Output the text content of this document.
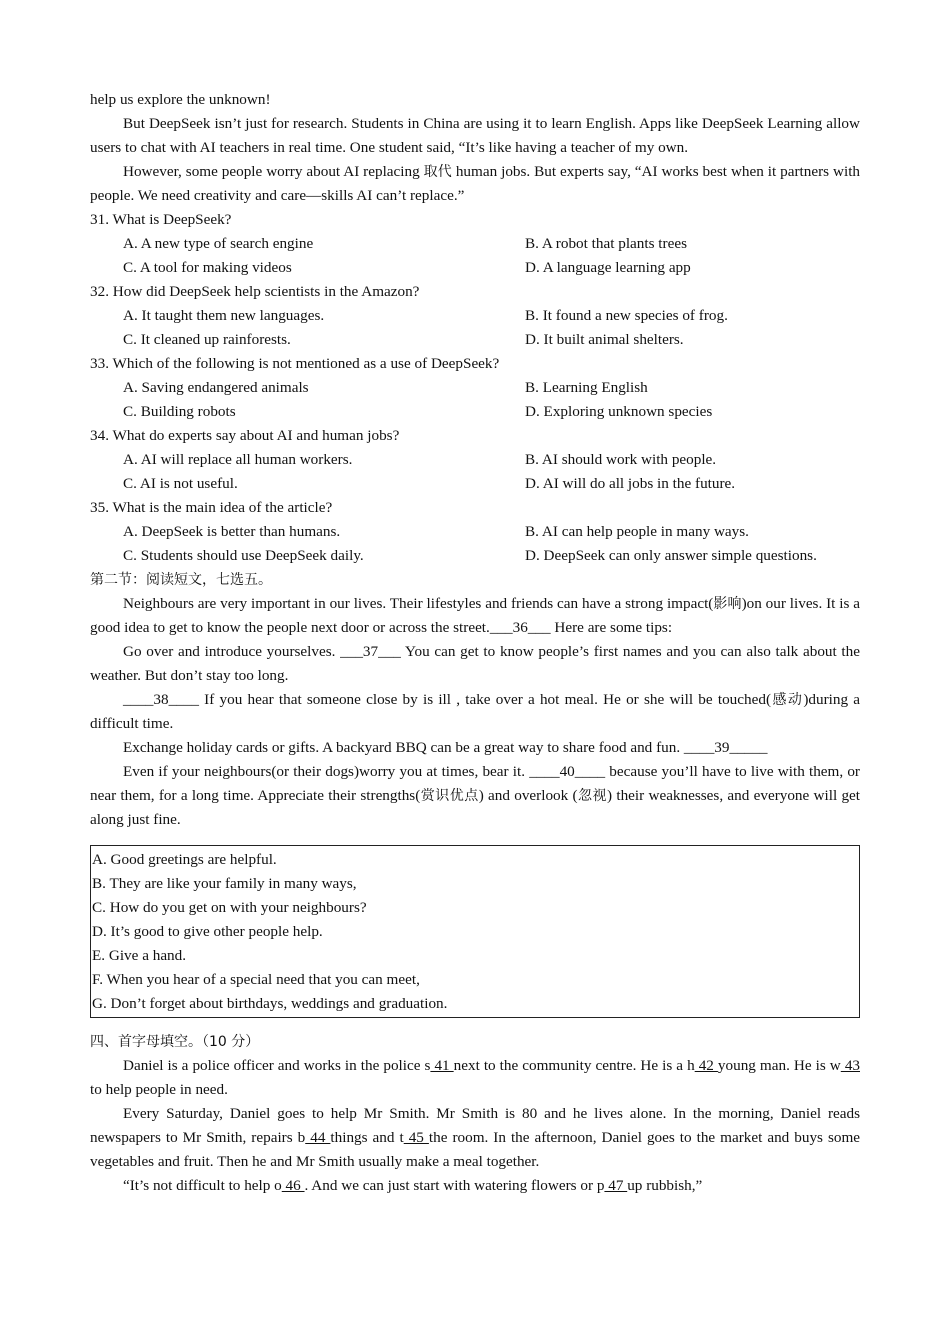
help us explore the unknown!

But DeepSeek isn’t just for research. Students in China are using it to learn English. Apps like DeepSeek Learning allow users to chat with AI teachers in real time. One student said, “It’s like having a teacher of my own.

However, some people worry about AI replacing 取代 human jobs. But experts say, “AI works best when it partners with people. We need creativity and care—skills AI can’t replace.”

31. What is DeepSeek?
A. A new type of search engine	B. A robot that plants trees
C. A tool for making videos	D. A language learning app
32. How did DeepSeek help scientists in the Amazon?
A. It taught them new languages.	B. It found a new species of frog.
C. It cleaned up rainforests.	D. It built animal shelters.
33. Which of the following is not mentioned as a use of DeepSeek?
A. Saving endangered animals	B. Learning English
C. Building robots	D. Exploring unknown species
34. What do experts say about AI and human jobs?
A. AI will replace all human workers.	B. AI should work with people.
C. AI is not useful.	D. AI will do all jobs in the future.
35. What is the main idea of the article?
A. DeepSeek is better than humans.	B. AI can help people in many ways.
C. Students should use DeepSeek daily.	D. DeepSeek can only answer simple questions.
第二节：阅读短文，七选五。

Neighbours are very important in our lives. Their lifestyles and friends can have a strong impact(影响)on our lives. It is a good idea to get to know the people next door or across the street.___36___ Here are some tips:

Go over and introduce yourselves. ___37___ You can get to know people’s first names and you can also talk about the weather. But don’t stay too long.

____38____ If you hear that someone close by is ill , take over a hot meal. He or she will be touched(感动)during a difficult time.

Exchange holiday cards or gifts. A backyard BBQ can be a great way to share food and fun. ____39_____

Even if your neighbours(or their dogs)worry you at times, bear it. ____40____ because you’ll have to live with them, or near them, for a long time. Appreciate their strengths(赏识优点) and overlook (忽视) their weaknesses, and everyone will get along just fine.

A. Good greetings are helpful.
B. They are like your family in many ways,
C. How do you get on with your neighbours?
D. It’s good to give other people help.
E. Give a hand.
F. When you hear of a special need that you can meet,
G. Don’t forget about birthdays, weddings and graduation.
四、首字母填空。（10 分）

Daniel is a police officer and works in the police s 41 next to the community centre. He is a h 42 young man. He is w 43 to help people in need.

Every Saturday, Daniel goes to help Mr Smith. Mr Smith is 80 and he lives alone. In the morning, Daniel reads newspapers to Mr Smith, repairs b 44 things and t 45 the room. In the afternoon, Daniel goes to the market and buys some vegetables and fruit. Then he and Mr Smith usually make a meal together.

“It’s not difficult to help o 46 . And we can just start with watering flowers or p 47 up rubbish,”
